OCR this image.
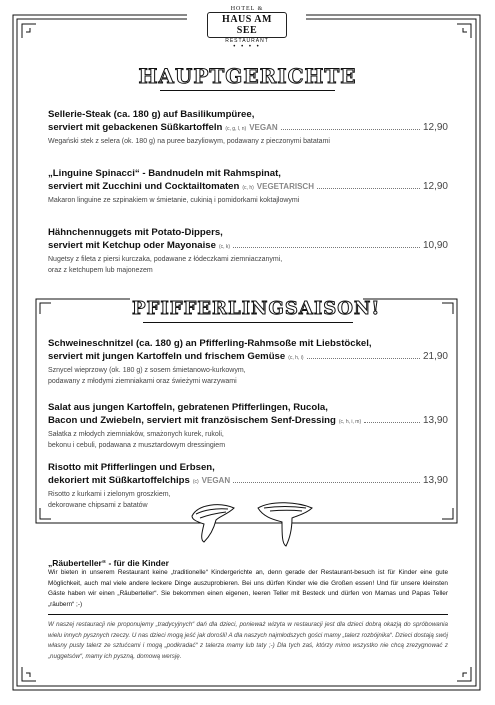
HOTEL &
HAUS AM SEE
RESTAURANT
• • • •
HAUPTGERICHTE
Sellerie-Steak (ca. 180 g) auf Basilikumpüree,
serviert mit gebackenen Süßkartoffeln (c, g, l, n) VEGAN	12,90
Wegański stek z selera (ok. 180 g) na puree bazyliowym, podawany z pieczonymi batatami
„Linguine Spinacci“ - Bandnudeln mit Rahmspinat,
serviert mit Zucchini und Cocktailtomaten (c, h) VEGETARISCH	12,90
Makaron linguine ze szpinakiem w śmietanie, cukinią i pomidorkami koktajlowymi
Hähnchennuggets mit Potato-Dippers,
serviert mit Ketchup oder Mayonaise (c, k)	10,90
Nugetsy z fileta z piersi kurczaka, podawane z łódeczkami ziemniaczanymi,
oraz z ketchupem lub majonezem
PFIFFERLINGSAISON!
Schweineschnitzel (ca. 180 g) an Pfifferling-Rahmsoße mit Liebstöckel,
serviert mit jungen Kartoffeln und frischem Gemüse (c, h, i)	21,90
Sznycel wieprzowy (ok. 180 g) z sosem śmietanowo-kurkowym,
podawany z młodymi ziemniakami oraz świeżymi warzywami
Salat aus jungen Kartoffeln, gebratenen Pfifferlingen, Rucola,
Bacon und Zwiebeln, serviert mit französischem Senf-Dressing (c, h, i, m)	13,90
Sałatka z młodych ziemniaków, smażonych kurek, rukoli,
bekonu i cebuli, podawana z musztardowym dressingiem
Risotto mit Pfifferlingen und Erbsen,
dekoriert mit Süßkartoffelchips (c) VEGAN	13,90
Risotto z kurkami i zielonym groszkiem,
dekorowane chipsami z batatów
„Räuberteller“ - für die Kinder
Wir bieten in unserem Restaurant keine „traditionelle“ Kindergerichte an, denn gerade der Restaurant-besuch ist für Kinder eine gute Möglichkeit, auch mal viele andere leckere Dinge auszuprobieren. Bei uns dürfen Kinder wie die Großen essen! Und für unsere kleinsten Gäste haben wir einen „Räuberteller“. Sie bekommen einen eigenen, leeren Teller mit Besteck und dürfen von Mamas und Papas Teller „räubern“ ;-)
W naszej restauracji nie proponujemy „tradycyjnych“ dań dla dzieci, ponieważ wizyta w restauracji jest dla dzieci dobrą okazją do spróbowania wielu innych pysznych rzeczy. U nas dzieci mogą jeść jak dorośli! A dla naszych najmłodszych gości mamy „talerz rozbójnika“. Dzieci dostają swój własny pusty talerz ze sztućcami i mogą „podkradać“ z talerza mamy lub taty ;-) Dla tych zaś, którzy mimo wszystko nie chcą zrezygnować z „nuggetsów“, mamy ich pyszną, domową wersję.
